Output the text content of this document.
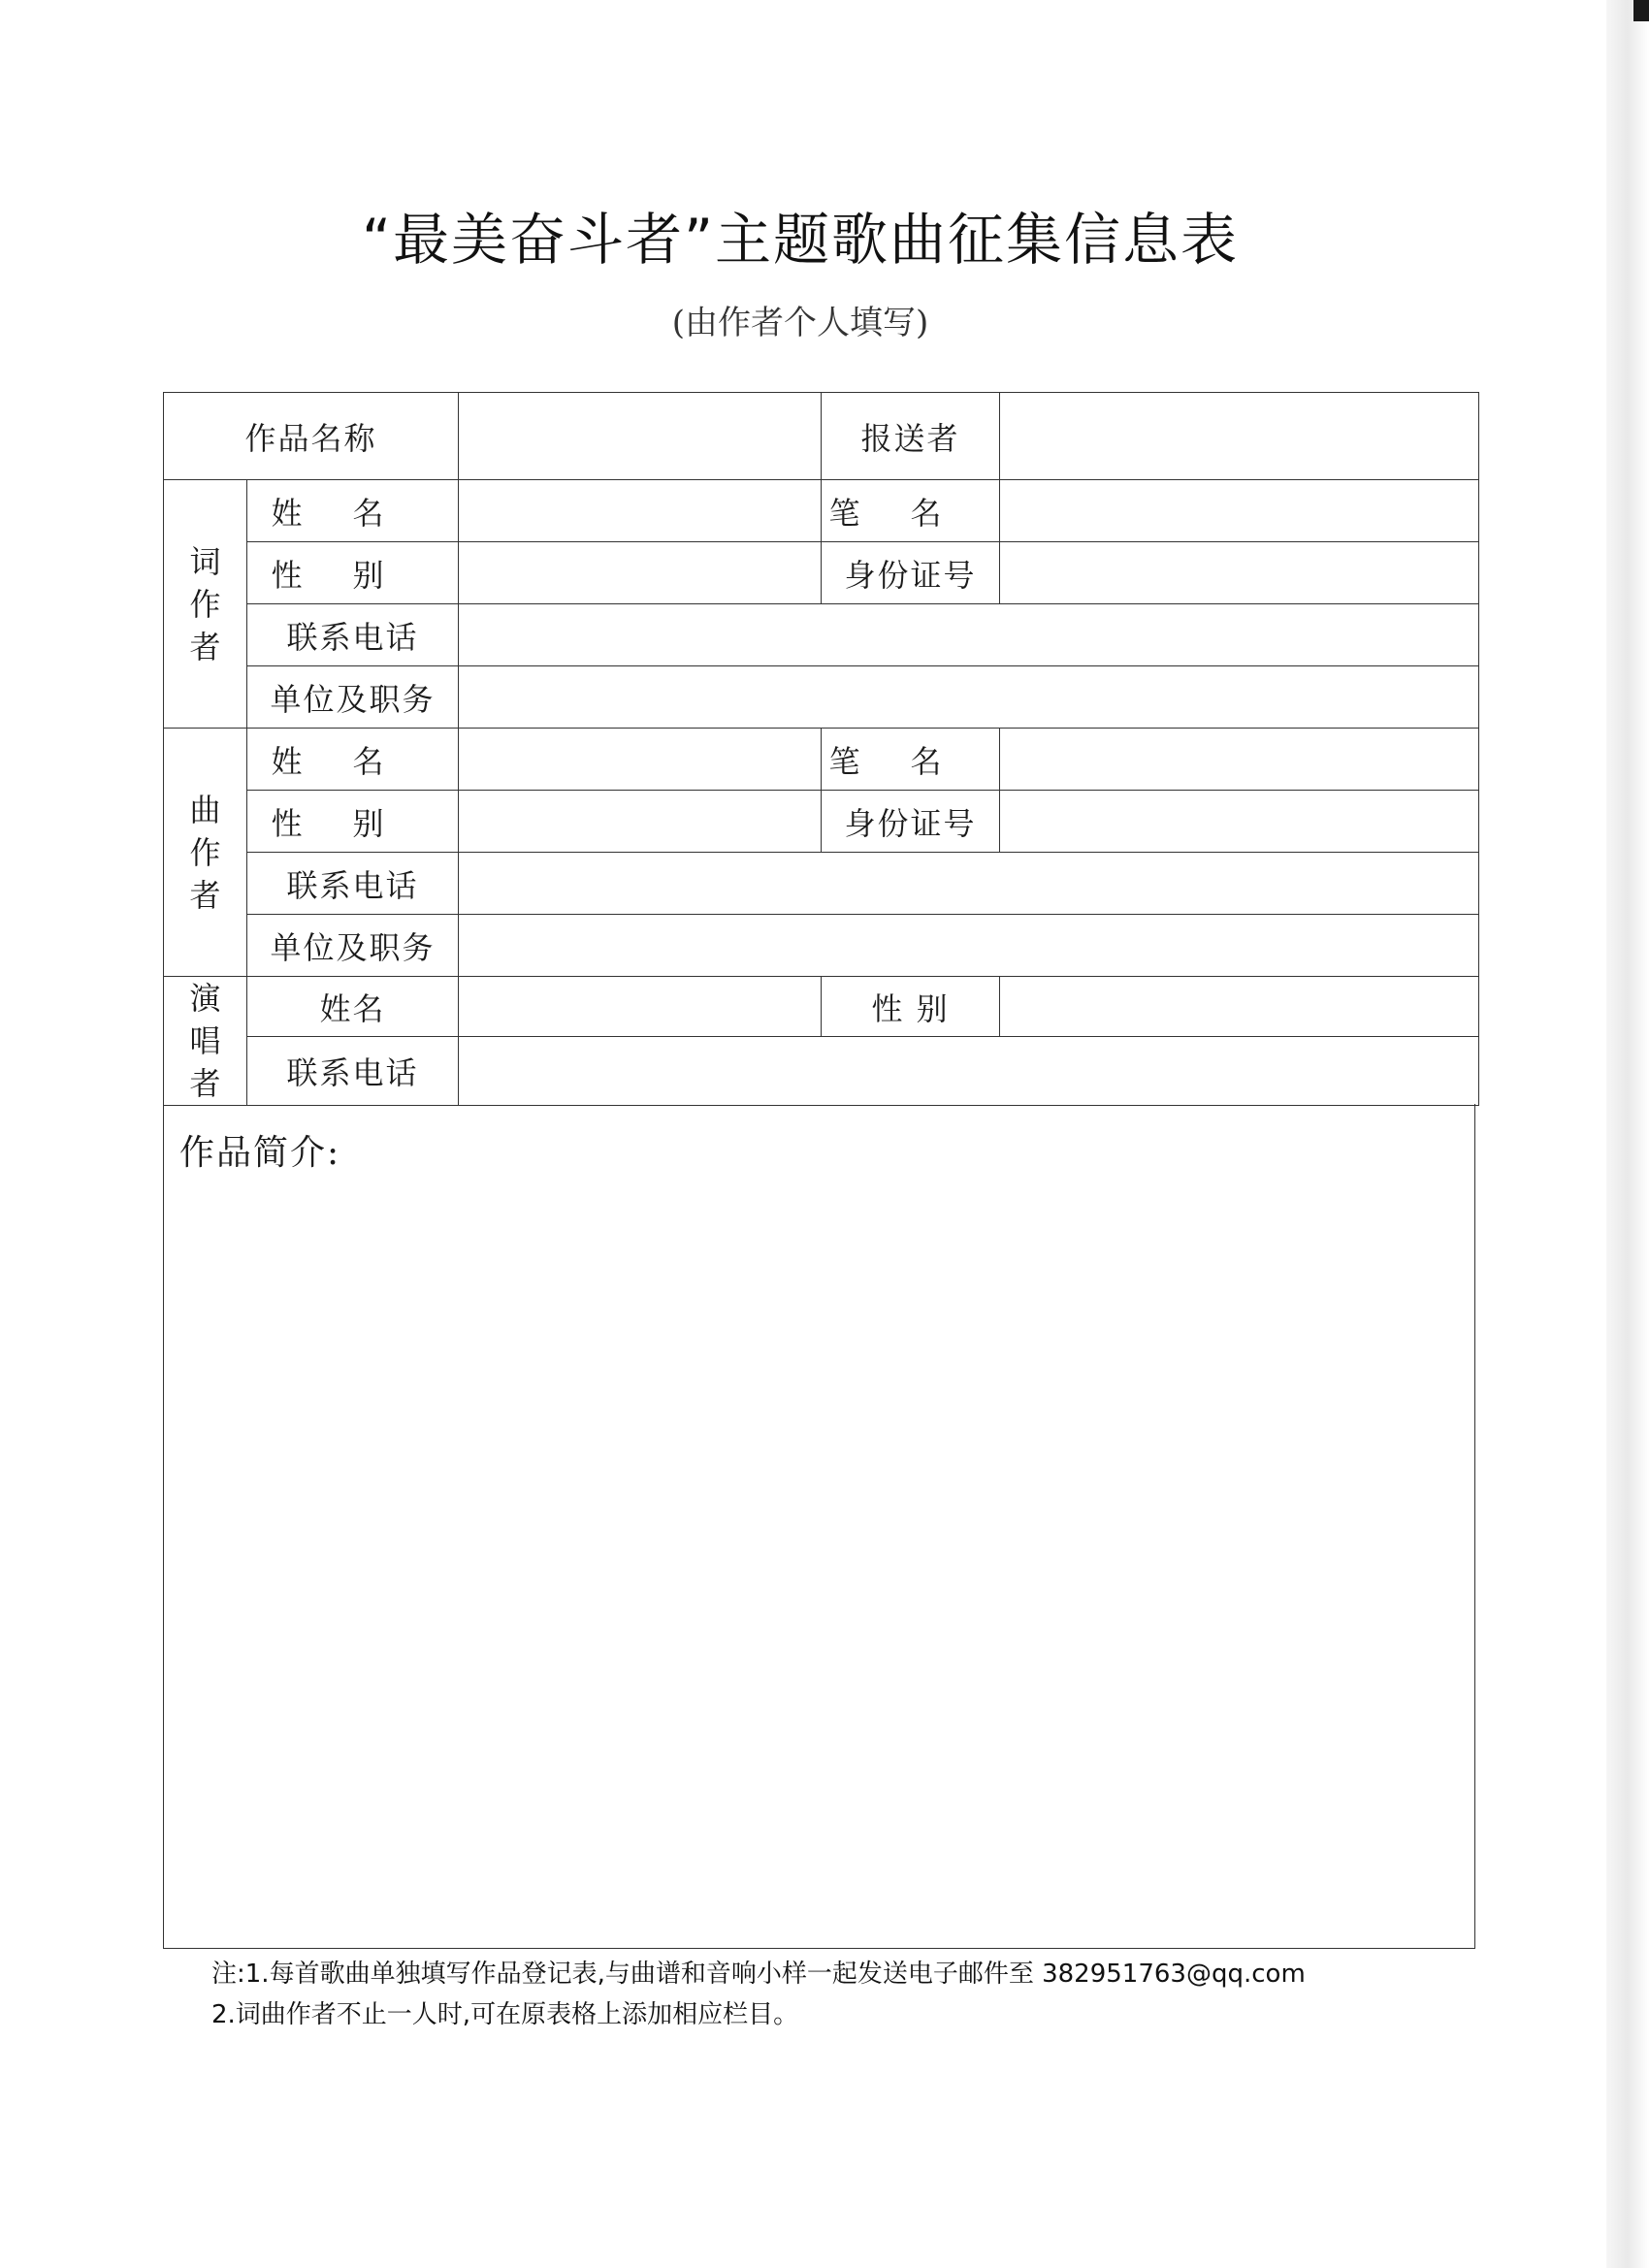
“最美奋斗者”主题歌曲征集信息表
(由作者个人填写)
作品名称			报送者	

词
作
者	姓名		笔名	
	性别		身份证号	
	联系电话			
	单位及职务			

曲
作
者	姓名		笔名	
	性别		身份证号	
	联系电话			
	单位及职务			

演
唱
者	姓名		性 别	
	联系电话			
作品简介:
注:1.每首歌曲单独填写作品登记表,与曲谱和音响小样一起发送电子邮件至 382951763@qq.com
2.词曲作者不止一人时,可在原表格上添加相应栏目。
